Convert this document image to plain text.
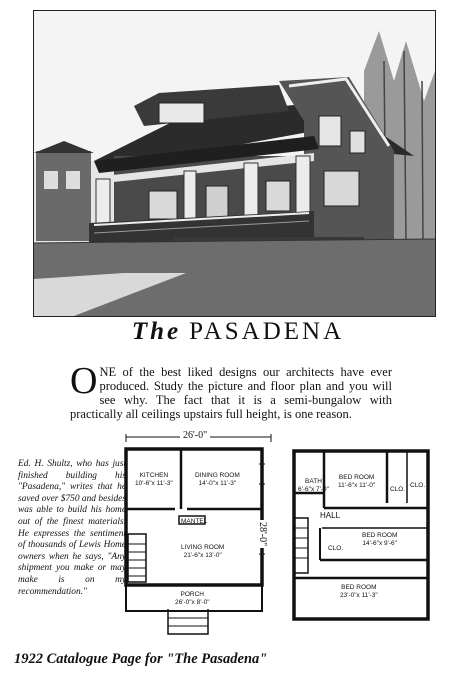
The PASADENA
ONE of the best liked designs our architects have ever produced. Study the picture and floor plan and you will see why. The fact that it is a semi-bungalow with practically all ceilings upstairs full height, is one reason.
Ed. H. Shultz, who has just finished building his "Pasadena," writes that he saved over $750 and besides was able to build his home out of the finest materials. He expresses the sentiment of thousands of Lewis Home owners when he says, "Any shipment you make or may make is on my recommendation."
KITCHEN
10'-6"x 11'-3"
DINING ROOM
14'-0"x 11'-3"
MANTEL
LIVING ROOM
21'-6"x 13'-0"
PORCH
26'-0"x 8'-0"
26'-0"
28'-0"
BATH
6'-6"x 7'-0"
BED ROOM
11'-6"x 11'-0"
CLO.
CLO.
HALL
BED ROOM
14'-6"x 9'-6"
CLO.
BED ROOM
23'-0"x 11'-3"
1922 Catalogue Page for "The Pasadena"
